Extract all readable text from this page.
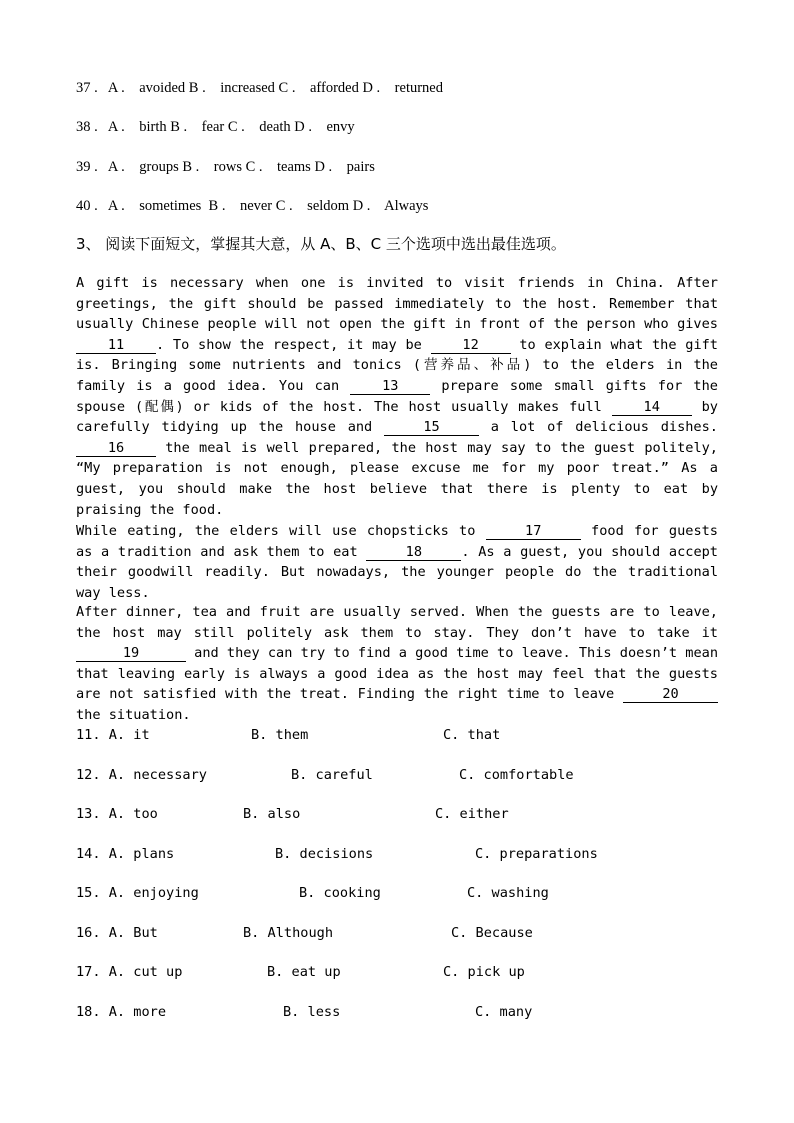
37 .   A .    avoided B .    increased C .    afforded D .    returned
38 .   A .    birth B .    fear C .    death D .    envy
39 .   A .    groups B .    rows C .    teams D .    pairs
40 .   A .    sometimes  B .    never C .    seldom D .    Always
3、 阅读下面短文，掌握其大意，从 A、B、C 三个选项中选出最佳选项。
A gift is necessary when one is invited to visit friends in China. After greetings, the gift should be passed immediately to the host. Remember that usually Chinese people will not open the gift in front of the person who gives 11 . To show the respect, it may be 12 to explain what the gift is. Bringing some nutrients and tonics (营养品、补品) to the elders in the family is a good idea. You can 13 prepare some small gifts for the spouse (配偶) or kids of the host. The host usually makes full 14 by carefully tidying up the house and	15	a lot of delicious dishes. 16 the meal is well prepared, the host may say to the guest politely, “My preparation is not enough, please excuse me for my poor treat.” As a guest, you should make the host believe that there is plenty to eat by praising the food.
While eating, the elders will use chopsticks to	17	food for guests as a tradition and ask them to eat	18	. As a guest, you should accept their goodwill readily. But nowadays, the younger people do the traditional way less.
After dinner, tea and fruit are usually served. When the guests are to leave, the host may still politely ask them to stay. They don’t have to take it 19	and they can try to find a good time to leave. This doesn’t mean that leaving early is always a good idea as the host may feel that the guests are not satisfied with the treat. Finding the right time to leave	20 the situation.

11. A. it

	B. them

	C. that

12. A. necessary

	B. careful

	C. comfortable

13. A. too

	B. also

	C. either

14. A. plans

	B. decisions

	C. preparations

15. A. enjoying

	B. cooking

	C. washing

16. A. But

	B. Although

	C. Because

17. A. cut up

	B. eat up

	C. pick up

18. A. more

	B. less

	C. many
